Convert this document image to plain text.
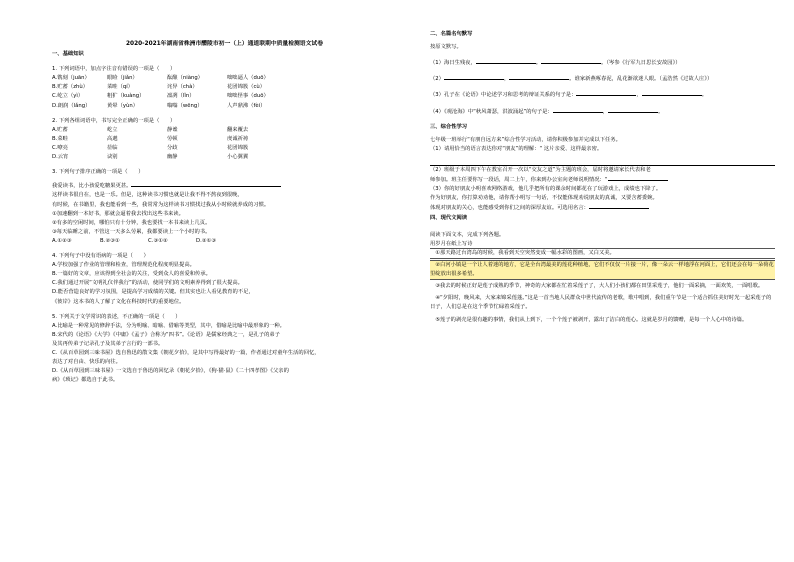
2020-2021年湖南省株洲市醴陵市初一（上）通道联期中质量检测语文试卷
一、基础知识
1. 下列词语中，加点字注音有错误的一项是（　　）
A.镌刻（juān）	眼睑（jiǎn）	酝酿（niàng）	咄咄逼人（duō）
B.贮蓄（zhù）	菜畦（qí）	诧异（chà）	花团锦簇（cù）
C.屹立（yì）	粗犷（kuàng）	凛冽（lǐn）	咄咄怪事（duō）
D.朗润（lǎng）	黄晕（yùn）	嗡嗡（wēng）	人声鼎沸（fèi）
2. 下列各组词语中，书写完全正确的一项是（　　）
A.贮蓄	屹立	静谧	翻来覆去
B.菜畦	高邈	劳顿	虔诚祈祷
C.嘹亮	莅临	分歧	花团锦簇
D.云宵	诀别	幽静	小心翼翼
3. 下列句子排序正确的一项是（　　）
我爱读书，比小孩爱吃糖果更甚。
这样读书很自在，也是一乐。但是，这种读书习惯也就是让我不得不熬夜到很晚，
有时候，在书籍里，我也能看到一些，我常常为这样读书习惯找过我从小时候就养成的习惯。
①加速翻到一本好书，那就会逼着我去找出这些书来读。
②有多的空闲时间，哪怕只有十分钟，我也要找一本书来读上几页。
③每天临睡之前，不管这一天多么劳累，我都要读上一个小时的书。
A.①②③	B.②③①	C.③①②	D.②①③
4. 下列句子中没有语病的一项是（　　）
A.学校加强了作业的管理和检查，管理规范化程度明显提高。
B.一篇好的文章，应该得到全社会的关注，受到众人的喜爱和传承。
C.我们通过开展“文明礼仪伴我行”的活动，使同学们的文明素养得到了很大提高。
D.能否营造良好的学习氛围，是提高学习成绩的关键。但其实也让人看见教育的不足，
《彼岸》这本书的人了解了文化在科技时代的重要地位。
5. 下列关于文学常识的表述，不正确的一项是（　　）
A.比喻是一种常见的修辞手法，分为明喻、暗喻、借喻等类型，其中，借喻是比喻中最形象的一种。
B.宋代的《论语》《大学》《中庸》《孟子》合称为“四书”。《论语》是儒家经典之一，是孔子的弟子
及其再传弟子记录孔子及其弟子言行的一部书。
C.《从百草园到三味书屋》选自鲁迅的散文集《朝花夕拾》，是其中写得最好的一篇，作者通过对童年生活的回忆，
表达了对自由、快乐的向往。
D.《从百草园到三味书屋》一文选自于鲁迅的回忆录《朝花夕拾》，《狗·猫·鼠》《二十四孝图》《父亲的
病》《琐记》都选自于此书。
二、名篇名句默写
按原文默写。
（1）海日生残夜，	。	。（岑参《行军九日思长安故园》）
（2）	，	。谁家新燕啄春泥，乱花渐欲迷人眼。（孟浩然《过故人庄》）
（3）孔子在《论语》中论述学习和思考的辩证关系的句子是：	，	。
（4）《观沧海》中“秋风萧瑟，洪波涌起”的句子是：	，	。
三、综合性学习
七年级一班举行“有朋自远方来”综合性学习活动，请你积极参加并完成以下任务。
（1）请用恰当的语言表达你对“朋友”的理解：“ 这片亲爱、这样最亲密。
（2）班级于本周四下午在教室召开一次以“交友之道”为主题的班会，届时将邀请家长代表和老
师参加。班主任要你写一段话，周二上午，你来到办公室向老师说明情况：“
（3）你的好朋友小明喜欢网络游戏，他几乎把所有的课余时间都花在了玩游戏上，成绩也下降了。
作为好朋友，你打算劝劝他，请你帮小明写一句话，不仅能体现劝说朋友的真诚，又要含蓄委婉。
体现对朋友的关心，也能感受到你们之间的深厚友谊。可选用名言：
四、现代文阅读
阅读下面文本，完成下列各题。
用岁月在纸上写诗
①那天路过台湾岛的时候，我看到天空突然变成一幅水彩的图画，又白又美。
②白河小镇是一个让人着迷的地方，它是全台湾最美的莲花种植地，它们不仅仅一片接一片，像一朵云一样地浮在河面上，它们还会在每一朵荷花里绽放出很多希望。
③我去的时候正好是莲子成熟的季节，神奇的大家都在忙着采莲子了，大人们小孩们都在田里采莲子，他们一面采摘，一面欢笑，一面唱歌。
④“夕阳时，晚风来，大家来锦采莲蓬。”这是一首当地人民群众中世代流传的老歌，歌中唱到，我们重午节是一个适合抓住美好时光一起采莲子的日子，人们总是在这个季节忙碌着采莲子。
⑤莲子的剥壳是很有趣的事情，我们从上到下，一个个莲子被剥开，露出了洁白的莲心。这就是岁月的馈赠，是每一个人心中的诗篇。
